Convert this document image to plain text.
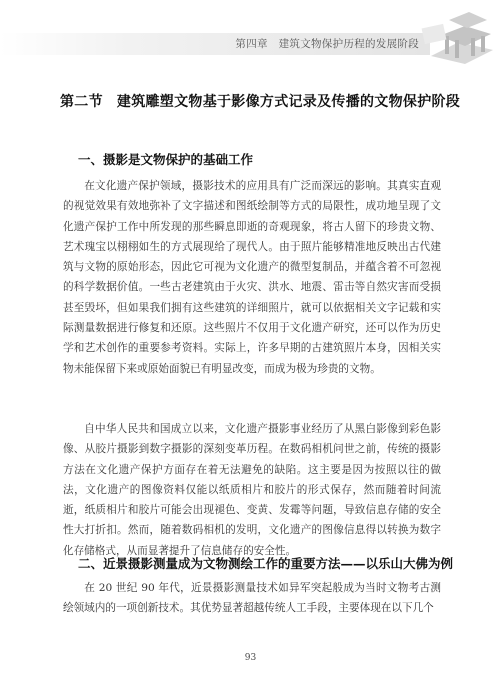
第四章　建筑文物保护历程的发展阶段
第二节 建筑雕塑文物基于影像方式记录及传播的文物保护阶段
一、摄影是文物保护的基础工作

在文化遗产保护领域，摄影技术的应用具有广泛而深远的影响。其真实直观的视觉效果有效地弥补了文字描述和图纸绘制等方式的局限性，成功地呈现了文化遗产保护工作中所发现的那些瞬息即逝的奇观现象，将古人留下的珍贵文物、艺术瑰宝以栩栩如生的方式展现给了现代人。由于照片能够精准地反映出古代建筑与文物的原始形态，因此它可视为文化遗产的微型复制品，并蕴含着不可忽视的科学数据价值。一些古老建筑由于火灾、洪水、地震、雷击等自然灾害而受损甚至毁坏，但如果我们拥有这些建筑的详细照片，就可以依据相关文字记载和实际测量数据进行修复和还原。这些照片不仅用于文化遗产研究，还可以作为历史学和艺术创作的重要参考资料。实际上，许多早期的古建筑照片本身，因相关实物未能保留下来或原始面貌已有明显改变，而成为极为珍贵的文物。

自中华人民共和国成立以来，文化遗产摄影事业经历了从黑白影像到彩色影像、从胶片摄影到数字摄影的深刻变革历程。在数码相机问世之前，传统的摄影方法在文化遗产保护方面存在着无法避免的缺陷。这主要是因为按照以往的做法，文化遗产的图像资料仅能以纸质相片和胶片的形式保存，然而随着时间流逝，纸质相片和胶片可能会出现褪色、变黄、发霉等问题，导致信息存储的安全性大打折扣。然而，随着数码相机的发明，文化遗产的图像信息得以转换为数字化存储格式，从而显著提升了信息储存的安全性。

二、近景摄影测量成为文物测绘工作的重要方法——以乐山大佛为例

在 20 世纪 90 年代，近景摄影测量技术如异军突起般成为当时文物考古测绘领域内的一项创新技术。其优势显著超越传统人工手段，主要体现在以下几个

93
